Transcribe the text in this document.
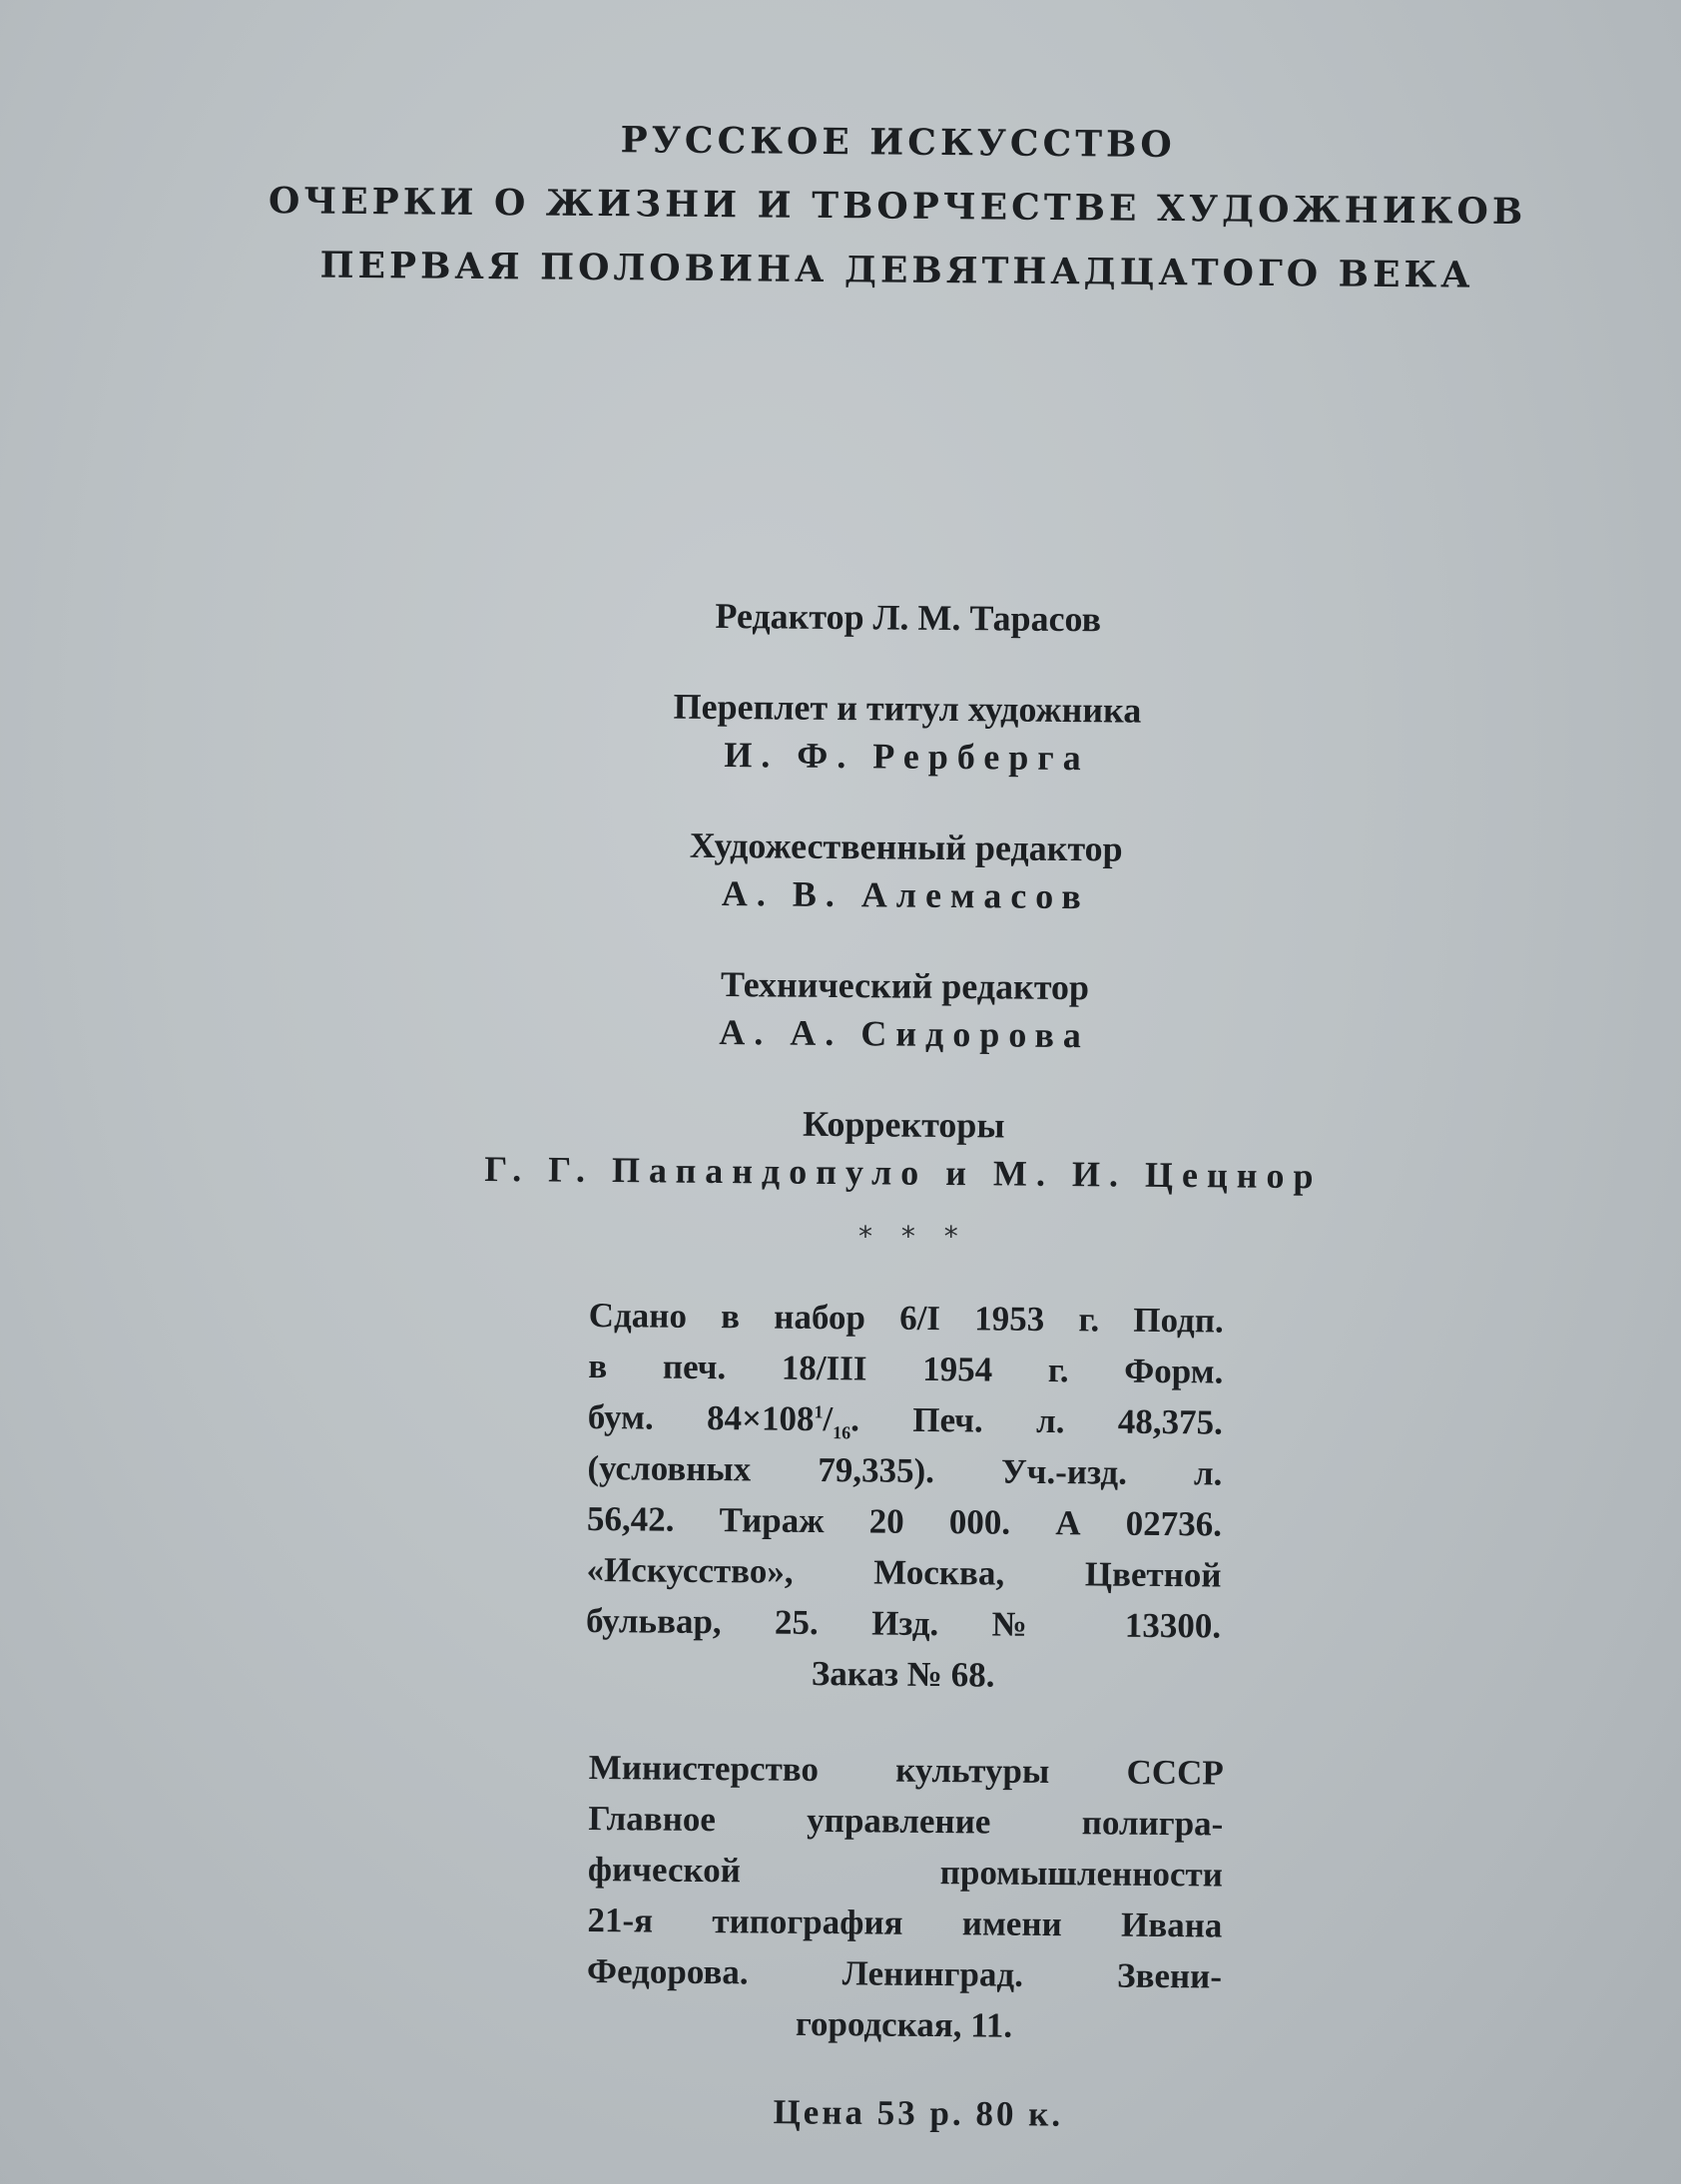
РУССКОЕ ИСКУССТВО
ОЧЕРКИ О ЖИЗНИ И ТВОРЧЕСТВЕ ХУДОЖНИКОВ
ПЕРВАЯ ПОЛОВИНА ДЕВЯТНАДЦАТОГО ВЕКА
Редактор Л. М. Тарасов
Переплет и титул художника
И. Ф. Рерберга
Художественный редактор
А. В. Алемасов
Технический редактор
А. А. Сидорова
Корректоры
Г. Г. Папандопуло и М. И. Цецнор
* * *
Сдано в набор 6/I 1953 г. Подп.
в печ. 18/III 1954 г. Форм.
бум. $84\times 108^1/_{16}$. Печ. л. 48,375.
(условных 79,335). Уч.-изд. л.
56,42. Тираж 20 000. А 02736.
«Искусство», Москва, Цветной
бульвар, 25. Изд. № 13300.
Заказ № 68.
Министерство культуры СССР
Главное управление полигра-
фической промышленности
21-я типография имени Ивана
Федорова. Ленинград. Звени-
городская, 11.
Цена 53 р. 80 к.
